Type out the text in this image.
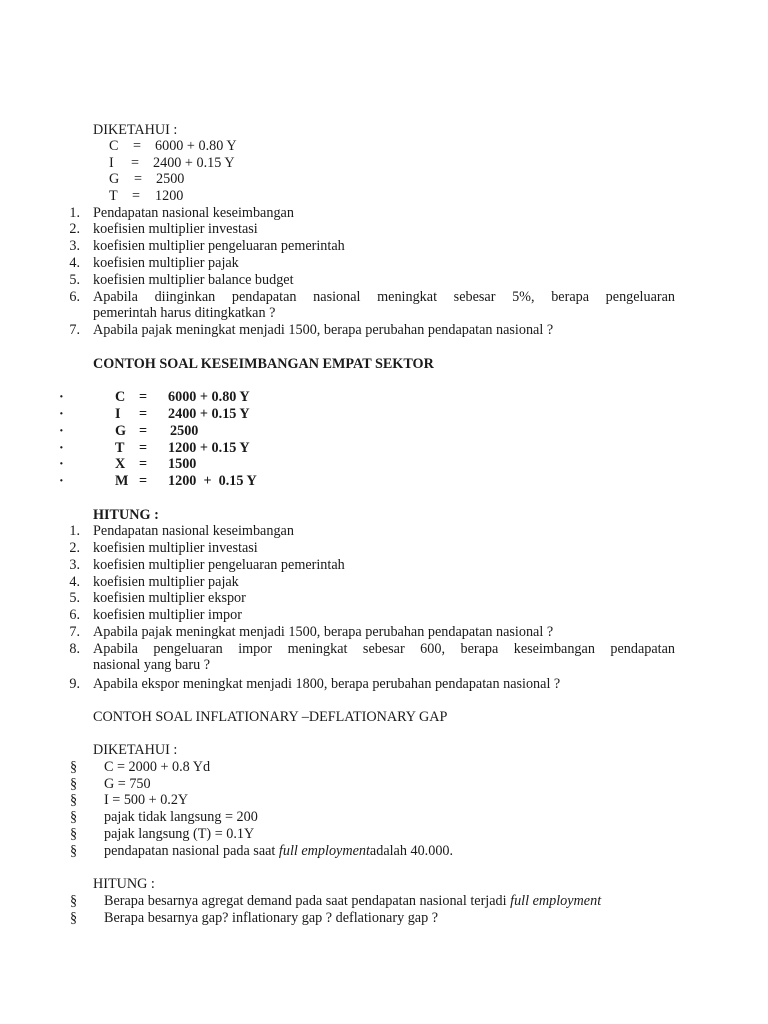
DIKETAHUI :
C = 6000 + 0.80 Y
I = 2400 + 0.15 Y
G = 2500
T = 1200
1. Pendapatan nasional keseimbangan
2. koefisien multiplier investasi
3. koefisien multiplier pengeluaran pemerintah
4. koefisien multiplier pajak
5. koefisien multiplier balance budget
6. Apabila diinginkan pendapatan nasional meningkat sebesar 5%, berapa pengeluaran
pemerintah harus ditingkatkan ?
7. Apabila pajak meningkat menjadi 1500, berapa perubahan pendapatan nasional ?
CONTOH SOAL KESEIMBANGAN EMPAT SEKTOR
·	C = 6000 + 0.80 Y
·	I = 2400 + 0.15 Y
·	G = 2500
·	T = 1200 + 0.15 Y
·	X = 1500
·	M = 1200  +  0.15 Y
HITUNG :
1. Pendapatan nasional keseimbangan
2. koefisien multiplier investasi
3. koefisien multiplier pengeluaran pemerintah
4. koefisien multiplier pajak
5. koefisien multiplier ekspor
6. koefisien multiplier impor
7. Apabila pajak meningkat menjadi 1500, berapa perubahan pendapatan nasional ?
8. Apabila pengeluaran impor meningkat sebesar 600, berapa keseimbangan pendapatan
nasional yang baru ?
9. Apabila ekspor meningkat menjadi 1800, berapa perubahan pendapatan nasional ?
CONTOH SOAL INFLATIONARY –DEFLATIONARY GAP
DIKETAHUI :
§ C = 2000 + 0.8 Yd
§ G = 750
§ I = 500 + 0.2Y
§ pajak tidak langsung = 200
§ pajak langsung (T) = 0.1Y
§ pendapatan nasional pada saat full employmentadalah 40.000.
HITUNG :
§ Berapa besarnya agregat demand pada saat pendapatan nasional terjadi full employment
§ Berapa besarnya gap? inflationary gap ? deflationary gap ?
